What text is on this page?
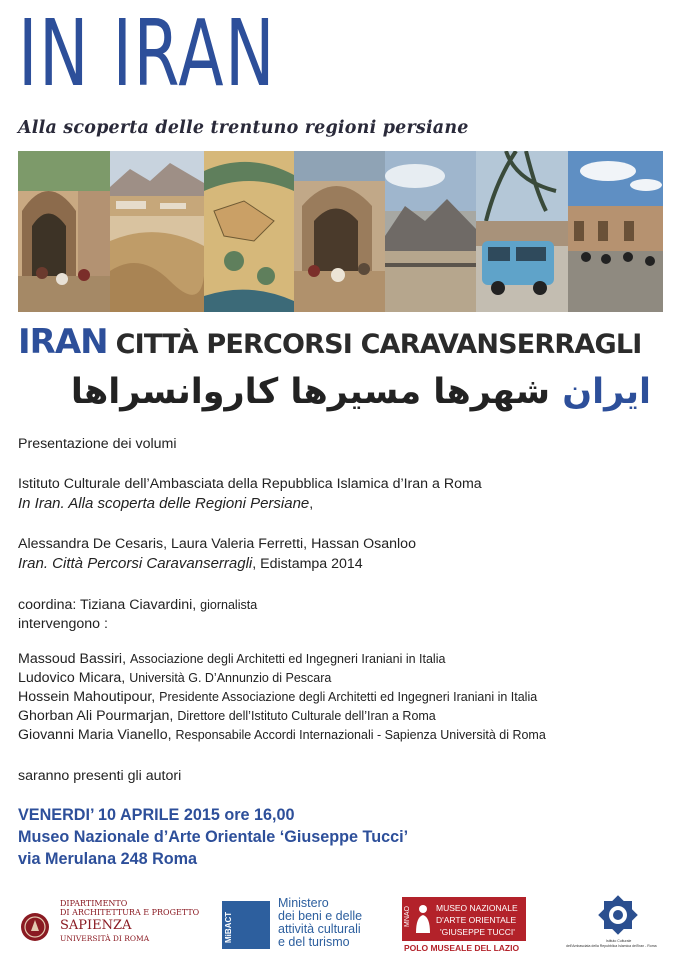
IN IRAN
Alla scoperta delle trentuno regioni persiane
IRAN CITTÀ PERCORSI CARAVANSERRAGLI
ایران شهرها مسیرها کاروانسراها
Presentazione dei volumi
Istituto Culturale dell’Ambasciata della Repubblica Islamica d’Iran a Roma
In Iran. Alla scoperta delle Regioni Persiane,
Alessandra De Cesaris, Laura Valeria Ferretti, Hassan Osanloo
Iran. Città Percorsi Caravanserragli, Edistampa 2014
coordina: Tiziana Ciavardini, giornalista
intervengono :
Massoud Bassiri, Associazione degli Architetti ed Ingegneri Iraniani in Italia
Ludovico Micara, Università G. D’Annunzio di Pescara
Hossein Mahoutipour, Presidente Associazione degli Architetti ed Ingegneri Iraniani in Italia
Ghorban Ali Pourmarjan, Direttore dell’Istituto Culturale dell’Iran a Roma
Giovanni Maria Vianello, Responsabile Accordi Internazionali - Sapienza Università di Roma
saranno presenti gli autori
VENERDI’ 10 APRILE 2015 ore 16,00
Museo Nazionale d’Arte Orientale ‘Giuseppe Tucci’
via Merulana 248 Roma
DIPARTIMENTO
DI ARCHITETTURA E PROGETTO
SAPIENZA
UNIVERSITÀ DI ROMA	MiBACT
Ministero
dei beni e delle
attività culturali
e del turismo
MNAO	MUSEO NAZIONALE
D'ARTE ORIENTALE
'GIUSEPPE TUCCI'
POLO MUSEALE DEL LAZIO
Istituto Culturale
dell'Ambasciata della Repubblica Islamica dell'Iran - Roma
